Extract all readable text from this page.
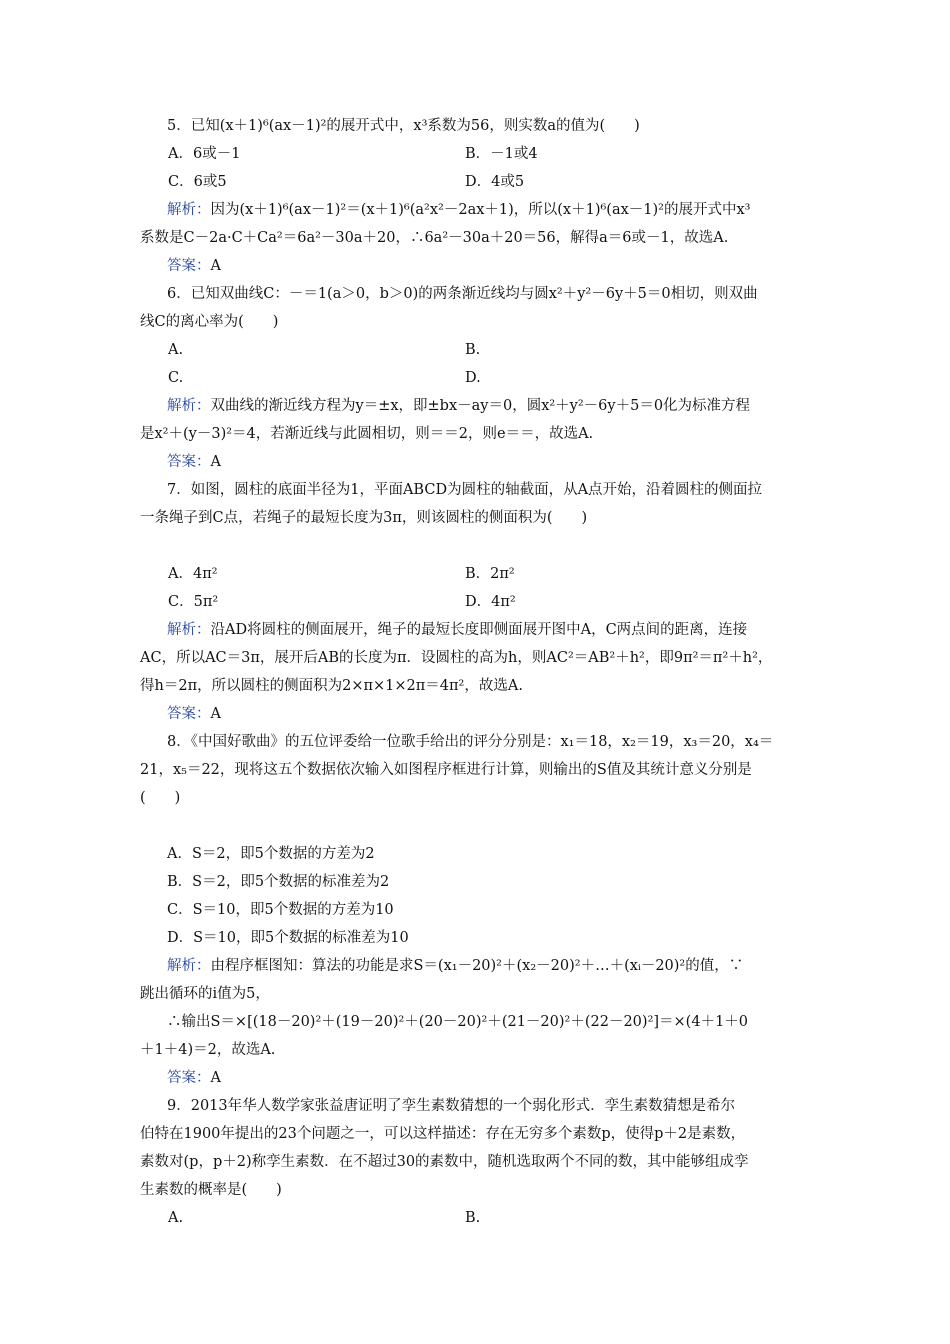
5．已知(x＋1)⁶(ax－1)²的展开式中，x³系数为56，则实数a的值为(　　)
A．6或－1	B．－1或4
C．6或5	D．4或5
解析：因为(x＋1)⁶(ax－1)²＝(x＋1)⁶(a²x²－2ax＋1)，所以(x＋1)⁶(ax－1)²的展开式中x³
系数是C－2a·C＋Ca²＝6a²－30a＋20，∴6a²－30a＋20＝56，解得a＝6或－1，故选A.
答案：A
6．已知双曲线C：－＝1(a＞0，b＞0)的两条渐近线均与圆x²＋y²－6y＋5＝0相切，则双曲
线C的离心率为(　　)
A.	B.
C.	D.
解析：双曲线的渐近线方程为y＝±x，即±bx－ay＝0，圆x²＋y²－6y＋5＝0化为标准方程
是x²＋(y－3)²＝4，若渐近线与此圆相切，则＝＝2，则e＝＝，故选A.
答案：A
7．如图，圆柱的底面半径为1，平面ABCD为圆柱的轴截面，从A点开始，沿着圆柱的侧面拉
一条绳子到C点，若绳子的最短长度为3π，则该圆柱的侧面积为(　　)
A．4π²	B．2π²
C．5π²	D．4π²
解析：沿AD将圆柱的侧面展开，绳子的最短长度即侧面展开图中A，C两点间的距离，连接
AC，所以AC＝3π，展开后AB的长度为π．设圆柱的高为h，则AC²＝AB²＋h²，即9π²＝π²＋h²，
得h＝2π，所以圆柱的侧面积为2×π×1×2π＝4π²，故选A.
答案：A
8．《中国好歌曲》的五位评委给一位歌手给出的评分分别是：x₁＝18，x₂＝19，x₃＝20，x₄＝
21，x₅＝22，现将这五个数据依次输入如图程序框进行计算，则输出的S值及其统计意义分别是
(　　)
A．S＝2，即5个数据的方差为2
B．S＝2，即5个数据的标准差为2
C．S＝10，即5个数据的方差为10
D．S＝10，即5个数据的标准差为10
解析：由程序框图知：算法的功能是求S＝(x₁－20)²＋(x₂－20)²＋…＋(xᵢ－20)²的值，∵
跳出循环的i值为5，
∴输出S＝×[(18－20)²＋(19－20)²＋(20－20)²＋(21－20)²＋(22－20)²]＝×(4＋1＋0
＋1＋4)＝2，故选A.
答案：A
9．2013年华人数学家张益唐证明了孪生素数猜想的一个弱化形式．孪生素数猜想是希尔
伯特在1900年提出的23个问题之一，可以这样描述：存在无穷多个素数p，使得p＋2是素数，
素数对(p，p＋2)称孪生素数．在不超过30的素数中，随机选取两个不同的数，其中能够组成孪
生素数的概率是(　　)
A.	B.
